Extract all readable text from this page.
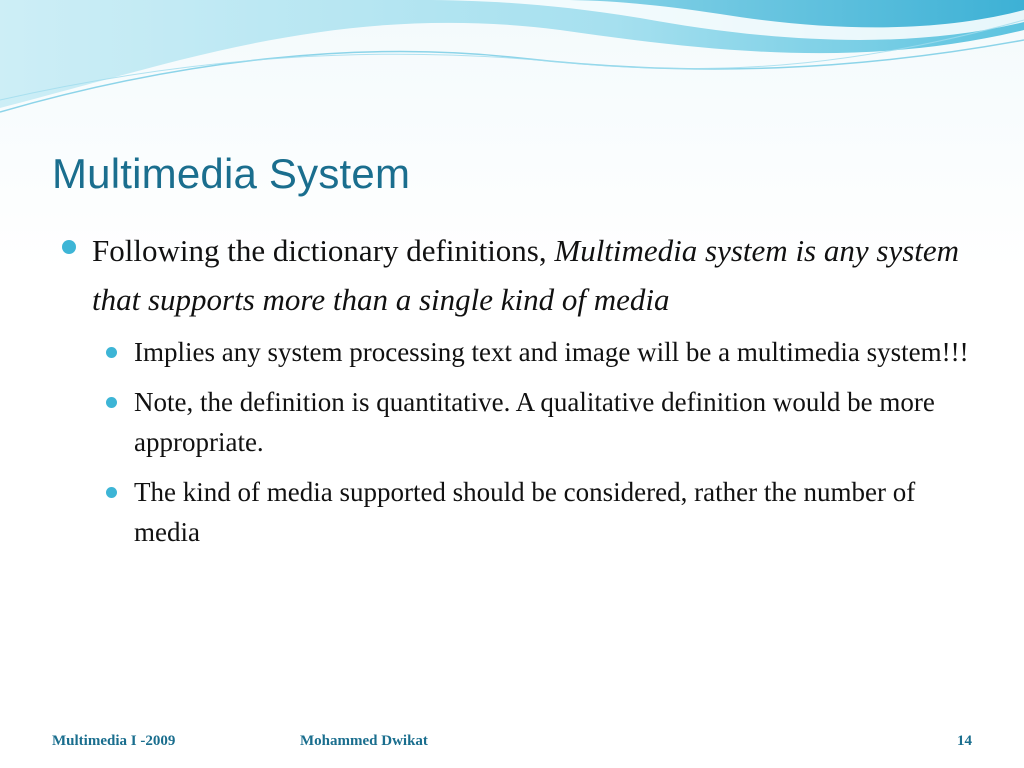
Multimedia System
Following the dictionary definitions, Multimedia system is any system that supports more than a single kind of media
Implies any system processing text and image will be a multimedia system!!!
Note, the definition is quantitative. A qualitative definition would be more appropriate.
The kind of media supported should be considered, rather the number of media
Multimedia I -2009	Mohammed Dwikat	14
